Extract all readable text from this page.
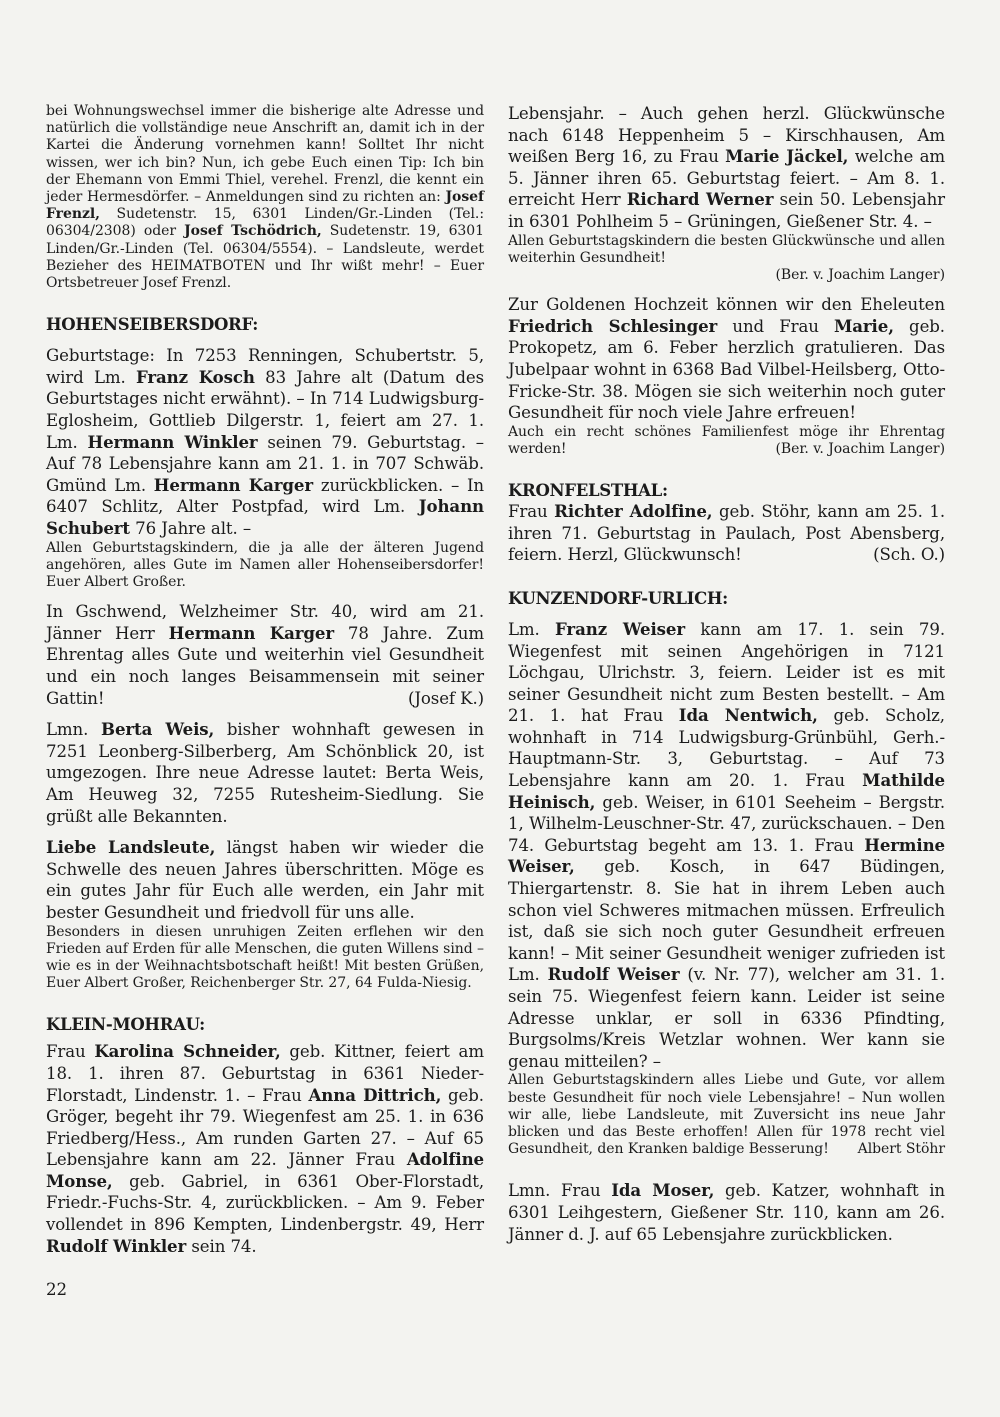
bei Wohnungswechsel immer die bisherige alte Adresse und natürlich die vollständige neue Anschrift an, damit ich in der Kartei die Änderung vornehmen kann! Solltet Ihr nicht wissen, wer ich bin? Nun, ich gebe Euch einen Tip: Ich bin der Ehemann von Emmi Thiel, verehel. Frenzl, die kennt ein jeder Hermesdörfer. – Anmeldungen sind zu richten an: Josef Frenzl, Sudetenstr. 15, 6301 Linden/Gr.-Linden (Tel.: 06304/2308) oder Josef Tschödrich, Sudetenstr. 19, 6301 Linden/Gr.-Linden (Tel. 06304/5554). – Landsleute, werdet Bezieher des HEIMATBOTEN und Ihr wißt mehr! – Euer Ortsbetreuer Josef Frenzl.

HOHENSEIBERSDORF:

Geburtstage: In 7253 Renningen, Schubertstr. 5, wird Lm. Franz Kosch 83 Jahre alt (Datum des Geburtstages nicht erwähnt). – In 714 Ludwigsburg-Eglosheim, Gottlieb Dilgerstr. 1, feiert am 27. 1. Lm. Hermann Winkler seinen 79. Geburtstag. – Auf 78 Lebensjahre kann am 21. 1. in 707 Schwäb. Gmünd Lm. Hermann Karger zurückblicken. – In 6407 Schlitz, Alter Postpfad, wird Lm. Johann Schubert 76 Jahre alt. –

Allen Geburtstagskindern, die ja alle der älteren Jugend angehören, alles Gute im Namen aller Hohenseibersdorfer! Euer Albert Großer.

In Gschwend, Welzheimer Str. 40, wird am 21. Jänner Herr Hermann Karger 78 Jahre. Zum Ehrentag alles Gute und weiterhin viel Gesundheit und ein noch langes Beisammensein mit seiner Gattin!	(Josef K.)

Lmn. Berta Weis, bisher wohnhaft gewesen in 7251 Leonberg-Silberberg, Am Schönblick 20, ist umgezogen. Ihre neue Adresse lautet: Berta Weis, Am Heuweg 32, 7255 Rutesheim-Siedlung. Sie grüßt alle Bekannten.

Liebe Landsleute, längst haben wir wieder die Schwelle des neuen Jahres überschritten. Möge es ein gutes Jahr für Euch alle werden, ein Jahr mit bester Gesundheit und friedvoll für uns alle.

Besonders in diesen unruhigen Zeiten erflehen wir den Frieden auf Erden für alle Menschen, die guten Willens sind – wie es in der Weihnachtsbotschaft heißt! Mit besten Grüßen, Euer Albert Großer, Reichenberger Str. 27, 64 Fulda-Niesig.

KLEIN-MOHRAU:

Frau Karolina Schneider, geb. Kittner, feiert am 18. 1. ihren 87. Geburtstag in 6361 Nieder-Florstadt, Lindenstr. 1. – Frau Anna Dittrich, geb. Gröger, begeht ihr 79. Wiegenfest am 25. 1. in 636 Friedberg/Hess., Am runden Garten 27. – Auf 65 Lebensjahre kann am 22. Jänner Frau Adolfine Monse, geb. Gabriel, in 6361 Ober-Florstadt, Friedr.-Fuchs-Str. 4, zurückblicken. – Am 9. Feber vollendet in 896 Kempten, Lindenbergstr. 49, Herr Rudolf Winkler sein 74.

22

Lebensjahr. – Auch gehen herzl. Glückwünsche nach 6148 Heppenheim 5 – Kirschhausen, Am weißen Berg 16, zu Frau Marie Jäckel, welche am 5. Jänner ihren 65. Geburtstag feiert. – Am 8. 1. erreicht Herr Richard Werner sein 50. Lebensjahr in 6301 Pohlheim 5 – Grüningen, Gießener Str. 4. –

Allen Geburtstagskindern die besten Glückwünsche und allen weiterhin Gesundheit!
(Ber. v. Joachim Langer)

Zur Goldenen Hochzeit können wir den Eheleuten Friedrich Schlesinger und Frau Marie, geb. Prokopetz, am 6. Feber herzlich gratulieren. Das Jubelpaar wohnt in 6368 Bad Vilbel-Heilsberg, Otto-Fricke-Str. 38. Mögen sie sich weiterhin noch guter Gesundheit für noch viele Jahre erfreuen!

Auch ein recht schönes Familienfest möge ihr Ehrentag werden!	(Ber. v. Joachim Langer)

KRONFELSTHAL:

Frau Richter Adolfine, geb. Stöhr, kann am 25. 1. ihren 71. Geburtstag in Paulach, Post Abensberg, feiern. Herzl, Glückwunsch!	(Sch. O.)

KUNZENDORF-URLICH:

Lm. Franz Weiser kann am 17. 1. sein 79. Wiegenfest mit seinen Angehörigen in 7121 Löchgau, Ulrichstr. 3, feiern. Leider ist es mit seiner Gesundheit nicht zum Besten bestellt. – Am 21. 1. hat Frau Ida Nentwich, geb. Scholz, wohnhaft in 714 Ludwigsburg-Grünbühl, Gerh.-Hauptmann-Str. 3, Geburtstag. – Auf 73 Lebensjahre kann am 20. 1. Frau Mathilde Heinisch, geb. Weiser, in 6101 Seeheim – Bergstr. 1, Wilhelm-Leuschner-Str. 47, zurückschauen. – Den 74. Geburtstag begeht am 13. 1. Frau Hermine Weiser, geb. Kosch, in 647 Büdingen, Thiergartenstr. 8. Sie hat in ihrem Leben auch schon viel Schweres mitmachen müssen. Erfreulich ist, daß sie sich noch guter Gesundheit erfreuen kann! – Mit seiner Gesundheit weniger zufrieden ist Lm. Rudolf Weiser (v. Nr. 77), welcher am 31. 1. sein 75. Wiegenfest feiern kann. Leider ist seine Adresse unklar, er soll in 6336 Pfindting, Burgsolms/Kreis Wetzlar wohnen. Wer kann sie genau mitteilen? –

Allen Geburtstagskindern alles Liebe und Gute, vor allem beste Gesundheit für noch viele Lebensjahre! – Nun wollen wir alle, liebe Landsleute, mit Zuversicht ins neue Jahr blicken und das Beste erhoffen! Allen für 1978 recht viel Gesundheit, den Kranken baldige Besserung!	Albert Stöhr

Lmn. Frau Ida Moser, geb. Katzer, wohnhaft in 6301 Leihgestern, Gießener Str. 110, kann am 26. Jänner d. J. auf 65 Lebensjahre zurückblicken.
